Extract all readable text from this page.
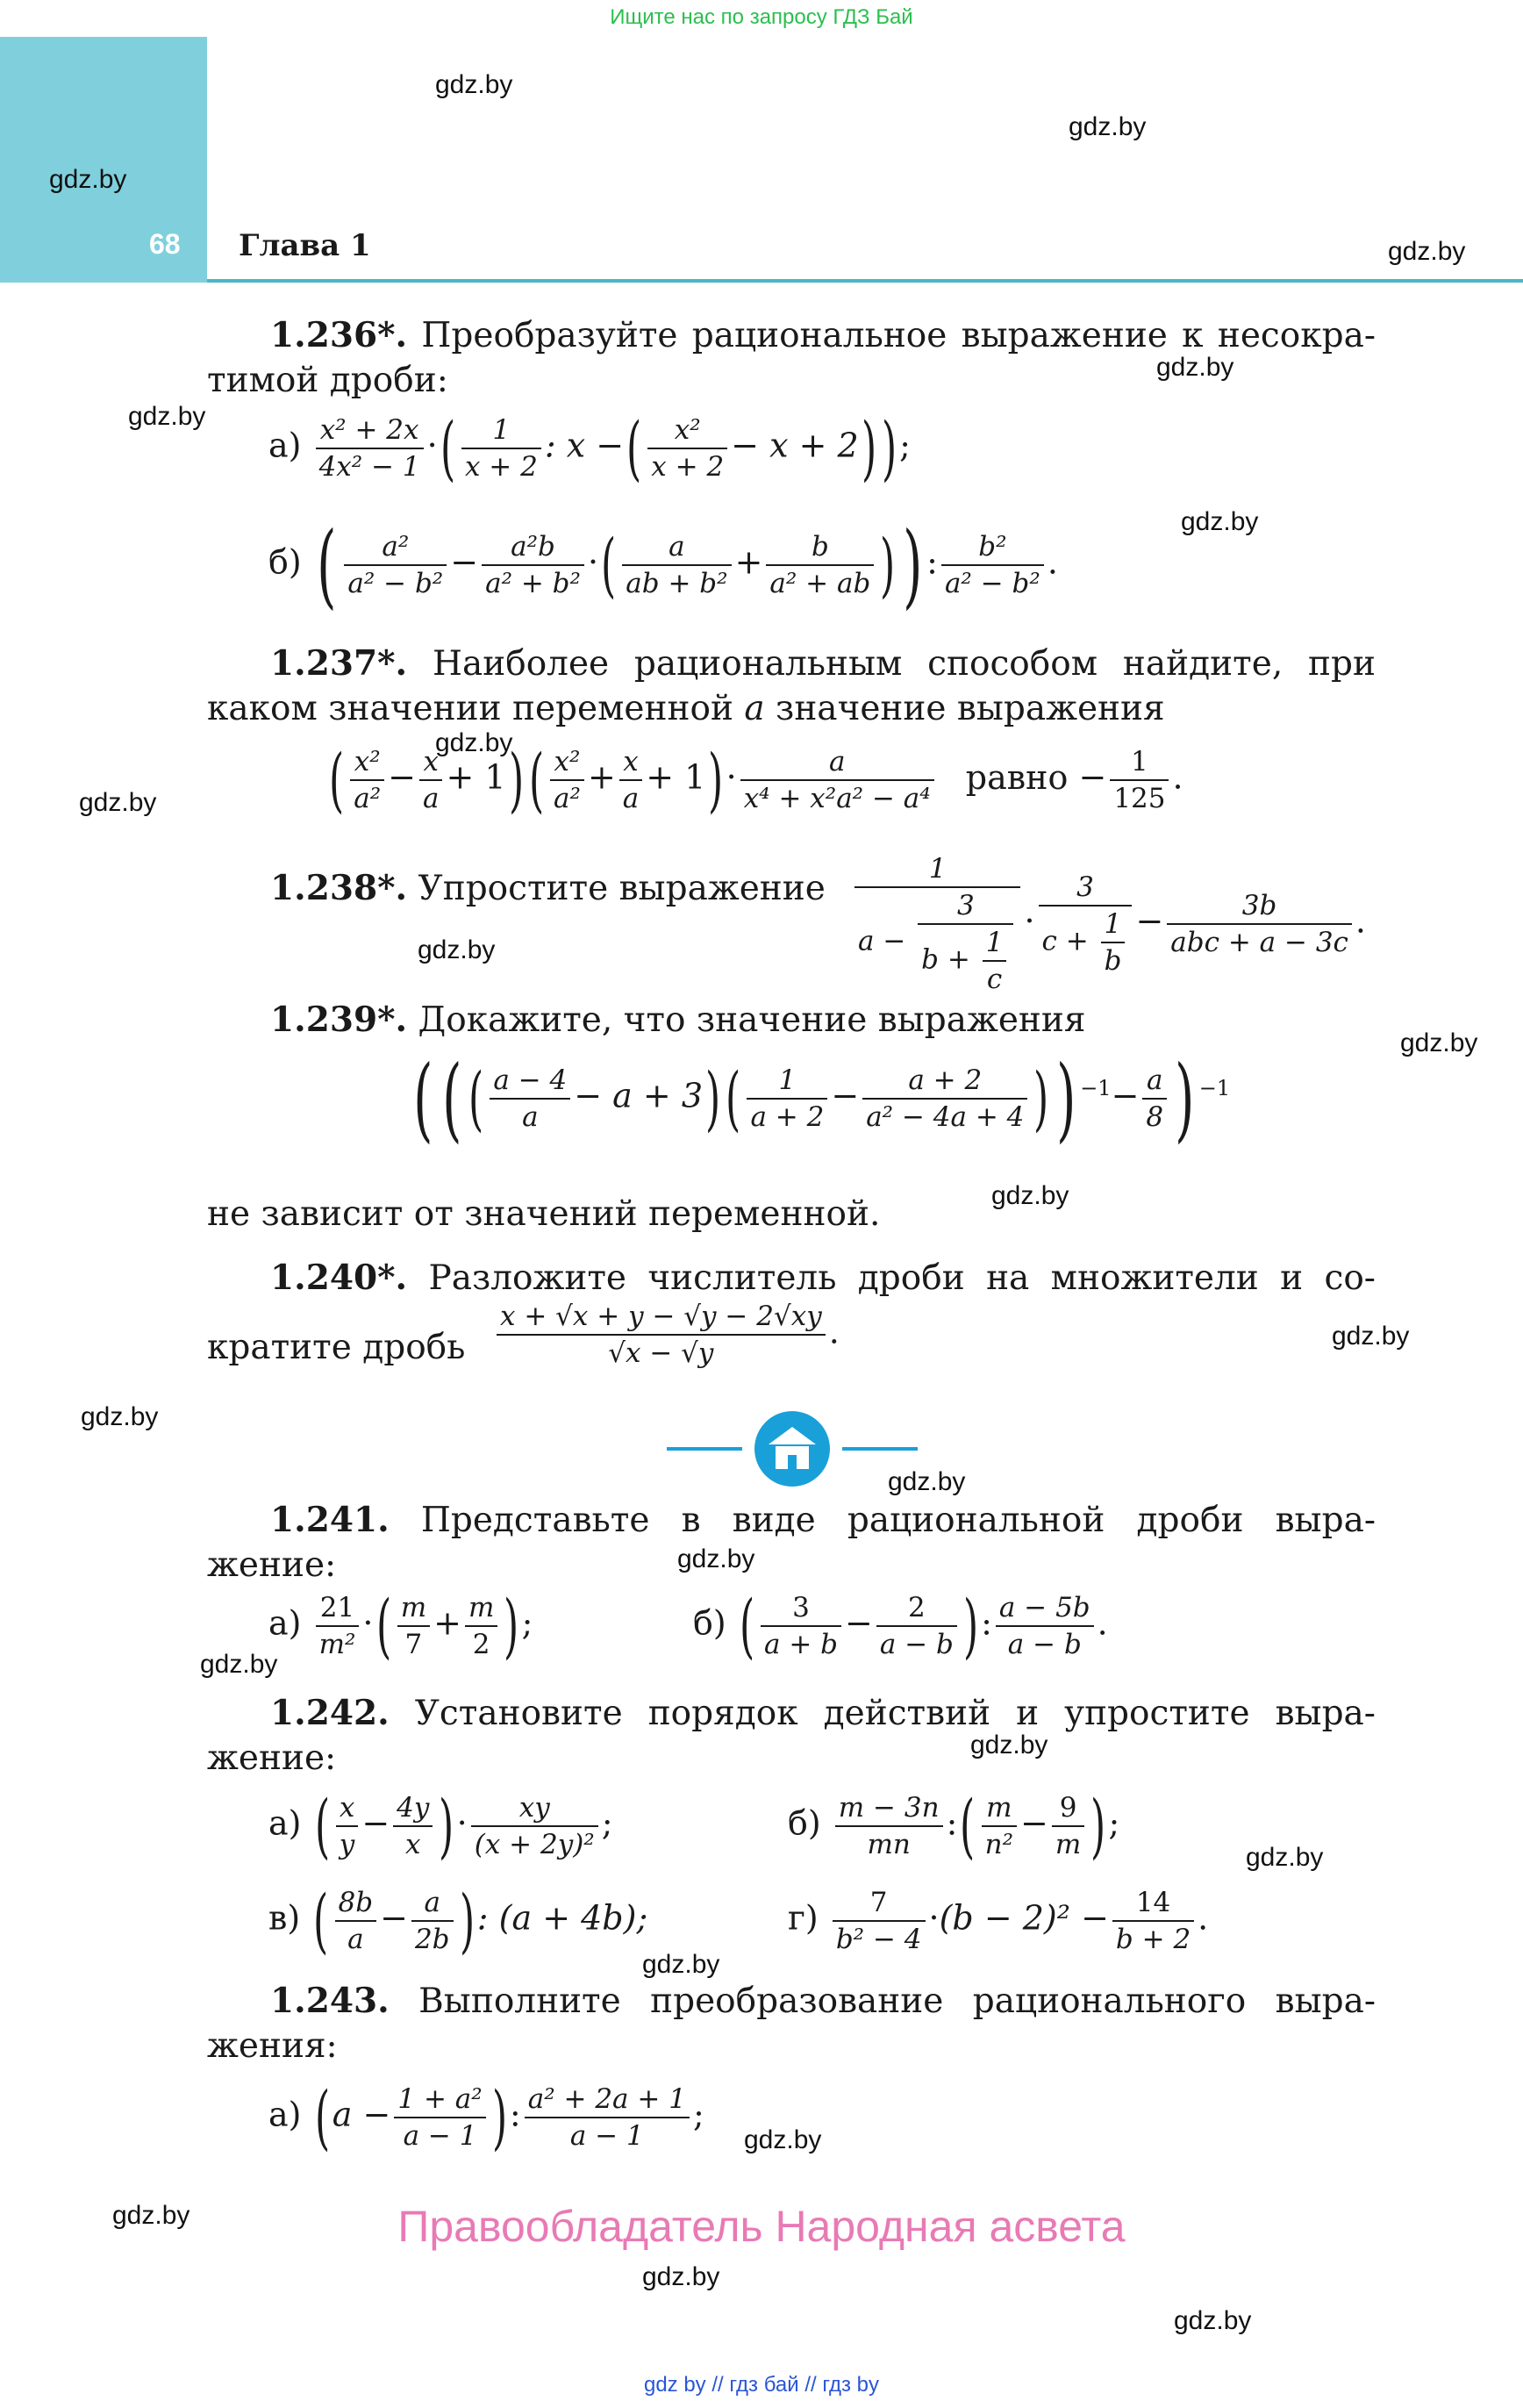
Ищите нас по запросу ГДЗ Бай
gdz.by
68 Глава 1
gdz.by
gdz.by
gdz.by
gdz.by
gdz.by
gdz.by
gdz.by
gdz.by
gdz.by
gdz.by
gdz.by
gdz.by
gdz.by
gdz.by
gdz.by
gdz.by
gdz.by
gdz.by
gdz.by
gdz.by
gdz.by
gdz.by
gdz.by
1.236*. Преобразуйте рациональное выражение к несокра-
тимой дроби:
$а) \frac{\text{x² + 2x}}{\text{4x² − 1}}$ ·( $\frac{1}{x + 2}$ : x −( $\frac{\text{x²}}{x + 2} - x + 2$));
б) ( $\frac{\text{a²}}{\text{a² − b²}} - \frac{\text{a²b}}{\text{a² + b²}}$ ·( $\frac{a}{\text{ab + b²}} + \frac{b}{\text{a² + ab}}$ )) : $\frac{\text{b²}}{\text{a² − b²}}$ .
1.237*. Наиболее рациональным способом найдите, при
каком значении переменной a значение выражения
( $\frac{\text{x²}}{\text{a²}} - \frac{x}{a} + 1)( \frac{\text{x²}}{\text{a²}} + \frac{x}{a} + 1)\cdot \frac{a}{\text{x⁴ + x²a² − a⁴}}$ равно − $\frac{1}{125}$ .
1.238*. Упростите выражение $\frac{1}{a - \frac{3}{b + \frac{1}{c}}} \cdot \frac{3}{c + \frac{1}{b}}$ −	3b
abc + a − 3c
.
1.239*. Докажите, что значение выражения
(( ( $\frac{a - 4}{a} - a + 3)( \frac{1}{a + 2} - \frac{a + 2}{\text{a² − 4a + 4}}$ )) $^{-1}- \frac{a}{8}$ ) $^{-1}$
не зависит от значений переменной.
1.240*. Разложите числитель дроби на множители и со-
кратите дробь $\frac{x + √x + y - √y - 2√xy}{√x - √y}$ .
1.241. Представьте в виде рациональной дроби выра-
жение:
$а) \frac{21}{\text{m²}}$ ·( $\frac{m}{7} + \frac{m}{2}$ );	б) ( $\frac{3}{a + b} - \frac{2}{a - b}$ ): $\frac{a - 5b}{a - b}$ .
1.242. Установите порядок действий и упростите выра-
жение:
а) ( $\frac{x}{y} - \frac{4y}{x}$ )· $\frac{xy}{\text{(x + 2y)²}}$ ;	$б) \frac{m - 3n}{mn}$ :( $\frac{m}{\text{n²}} - \frac{9}{m}$ );
в) ( $\frac{8b}{a} - \frac{a}{2b}$ ): (a + 4b);	$г) \frac{7}{\text{b² − 4}} \cdot(b - 2)^2 - \frac{14}{b + 2}$ .
1.243. Выполните преобразование рационального выра-
жения:
а) ($a - \frac{\text{1 + a²}}{a - 1}$ ): $\frac{\text{a² + 2a + 1}}{a - 1}$ ;
Правообладатель Народная асвета
gdz by // гдз бай // гдз by
